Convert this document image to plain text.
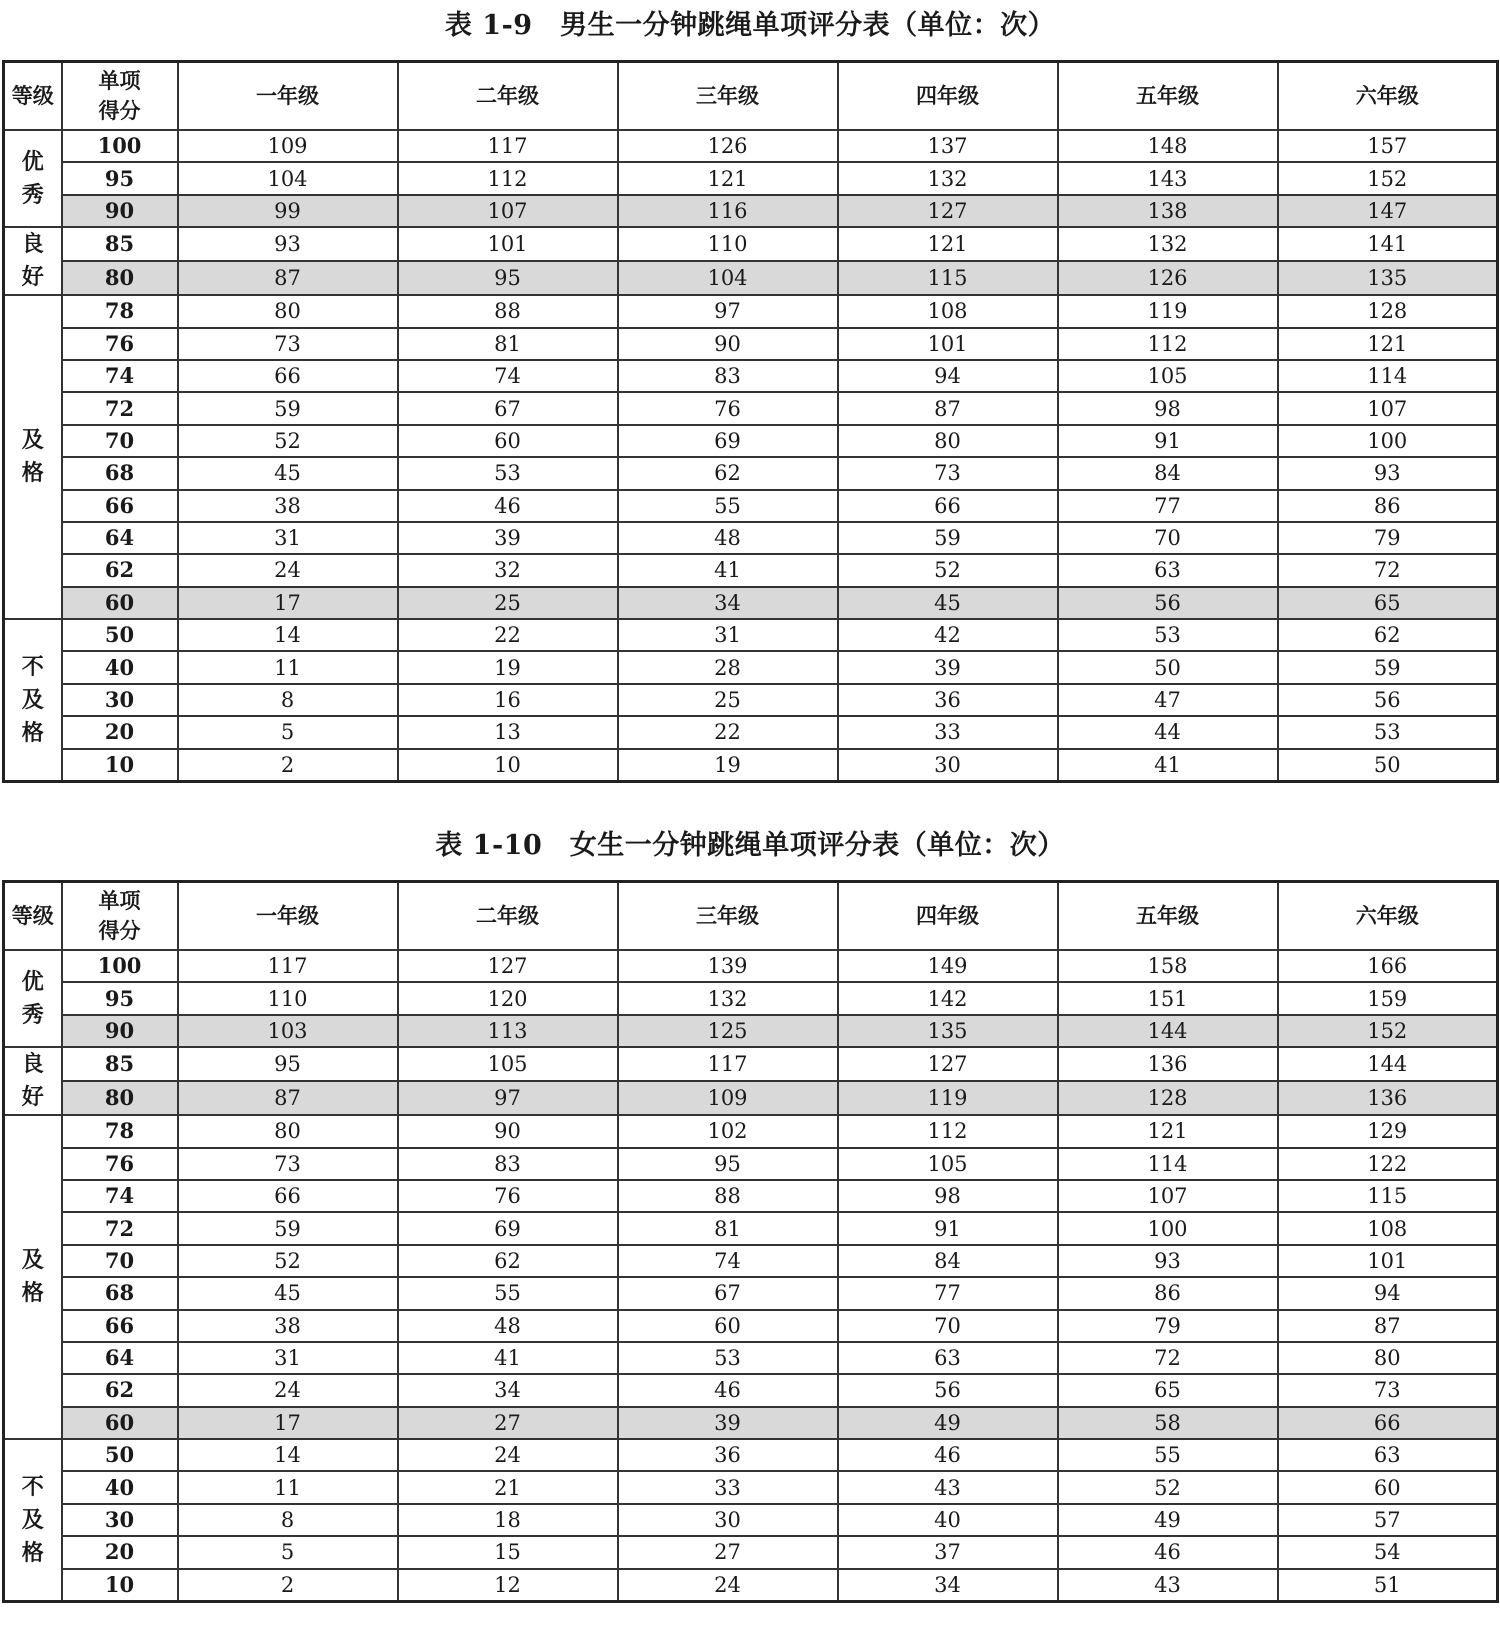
表 1-9　男生一分钟跳绳单项评分表（单位：次）
等级	单项得分	一年级	二年级	三年级	四年级	五年级	六年级
优秀	100	109	117	126	137	148	157
	95	104	112	121	132	143	152
	90	99	107	116	127	138	147
良好	85	93	101	110	121	132	141
	80	87	95	104	115	126	135
及格	78	80	88	97	108	119	128
	76	73	81	90	101	112	121
	74	66	74	83	94	105	114
	72	59	67	76	87	98	107
	70	52	60	69	80	91	100
	68	45	53	62	73	84	93
	66	38	46	55	66	77	86
	64	31	39	48	59	70	79
	62	24	32	41	52	63	72
	60	17	25	34	45	56	65
不及格	50	14	22	31	42	53	62
	40	11	19	28	39	50	59
	30	8	16	25	36	47	56
	20	5	13	22	33	44	53
	10	2	10	19	30	41	50
表 1-10　女生一分钟跳绳单项评分表（单位：次）
等级	单项得分	一年级	二年级	三年级	四年级	五年级	六年级
优秀	100	117	127	139	149	158	166
	95	110	120	132	142	151	159
	90	103	113	125	135	144	152
良好	85	95	105	117	127	136	144
	80	87	97	109	119	128	136
及格	78	80	90	102	112	121	129
	76	73	83	95	105	114	122
	74	66	76	88	98	107	115
	72	59	69	81	91	100	108
	70	52	62	74	84	93	101
	68	45	55	67	77	86	94
	66	38	48	60	70	79	87
	64	31	41	53	63	72	80
	62	24	34	46	56	65	73
	60	17	27	39	49	58	66
不及格	50	14	24	36	46	55	63
	40	11	21	33	43	52	60
	30	8	18	30	40	49	57
	20	5	15	27	37	46	54
	10	2	12	24	34	43	51
